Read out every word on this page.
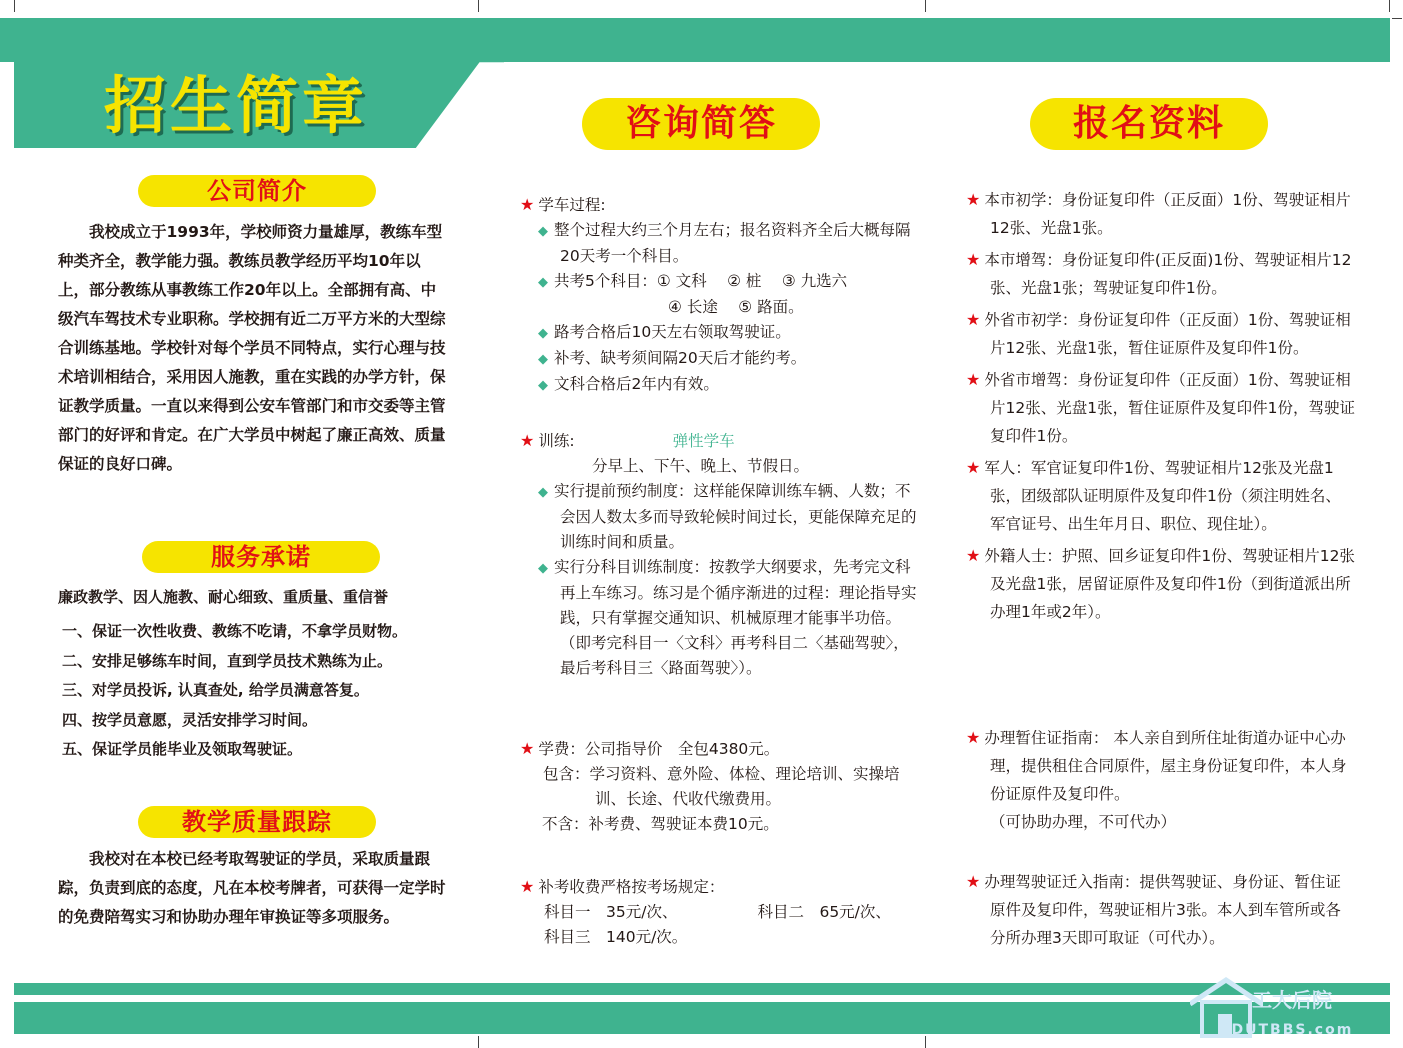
招生简章	咨询简答	报名资料
公司简介
服务承诺
教学质量跟踪

我校成立于1993年，学校师资力量雄厚，教练车型种类齐全，教学能力强。教练员教学经历平均10年以上，部分教练从事教练工作20年以上。全部拥有高、中级汽车驾技术专业职称。学校拥有近二万平方米的大型综合训练基地。学校针对每个学员不同特点，实行心理与技术培训相结合，采用因人施教，重在实践的办学方针，保证教学质量。一直以来得到公安车管部门和市交委等主管部门的好评和肯定。在广大学员中树起了廉正高效、质量保证的良好口碑。

廉政教学、因人施教、耐心细致、重质量、重信誉
一、保证一次性收费、教练不吃请，不拿学员财物。
二、安排足够练车时间，直到学员技术熟练为止。
三、对学员投诉, 认真查处, 给学员满意答复。
四、按学员意愿，灵活安排学习时间。
五、保证学员能毕业及领取驾驶证。

我校对在本校已经考取驾驶证的学员，采取质量跟踪，负责到底的态度，凡在本校考牌者，可获得一定学时的免费陪驾实习和协助办理年审换证等多项服务。

★ 学车过程:
◆ 整个过程大约三个月左右；报名资料齐全后大概每隔20天考一个科目。
◆ 共考5个科目：① 文科　 ② 桩　 ③ 九选六
④ 长途　 ⑤ 路面。
◆ 路考合格后10天左右领取驾驶证。
◆ 补考、缺考须间隔20天后才能约考。
◆ 文科合格后2年内有效。
★ 训练:	弹性学车
分早上、下午、晚上、节假日。
◆ 实行提前预约制度：这样能保障训练车辆、人数；不会因人数太多而导致轮候时间过长，更能保障充足的训练时间和质量。
◆ 实行分科目训练制度：按教学大纲要求，先考完文科再上车练习。练习是个循序渐进的过程：理论指导实践，只有掌握交通知识、机械原理才能事半功倍。（即考完科目一〈文科〉再考科目二〈基础驾驶〉，最后考科目三〈路面驾驶〉）。
★ 学费：公司指导价　全包4380元。
包含：学习资料、意外险、体检、理论培训、实操培训、长途、代收代缴费用。
不含：补考费、驾驶证本费10元。
★ 补考收费严格按考场规定：
科目一　35元/次、	科目二　65元/次、
科目三　140元/次。
★ 本市初学：身份证复印件（正反面）1份、驾驶证相片12张、光盘1张。
★ 本市增驾：身份证复印件(正反面)1份、驾驶证相片12张、光盘1张；驾驶证复印件1份。
★ 外省市初学：身份证复印件（正反面）1份、驾驶证相片12张、光盘1张，暂住证原件及复印件1份。
★ 外省市增驾：身份证复印件（正反面）1份、驾驶证相片12张、光盘1张，暂住证原件及复印件1份，驾驶证复印件1份。
★ 军人：军官证复印件1份、驾驶证相片12张及光盘1张，团级部队证明原件及复印件1份（须注明姓名、军官证号、出生年月日、职位、现住址）。
★ 外籍人士：护照、回乡证复印件1份、驾驶证相片12张及光盘1张，居留证原件及复印件1份（到街道派出所办理1年或2年）。
★ 办理暂住证指南： 本人亲自到所住址街道办证中心办理，提供租住合同原件，屋主身份证复印件，本人身份证原件及复印件。
（可协助办理，不可代办）
★ 办理驾驶证迁入指南：提供驾驶证、身份证、暂住证原件及复印件，驾驶证相片3张。本人到车管所或各分所办理3天即可取证（可代办）。
工大后院
GDUTBBS.com
